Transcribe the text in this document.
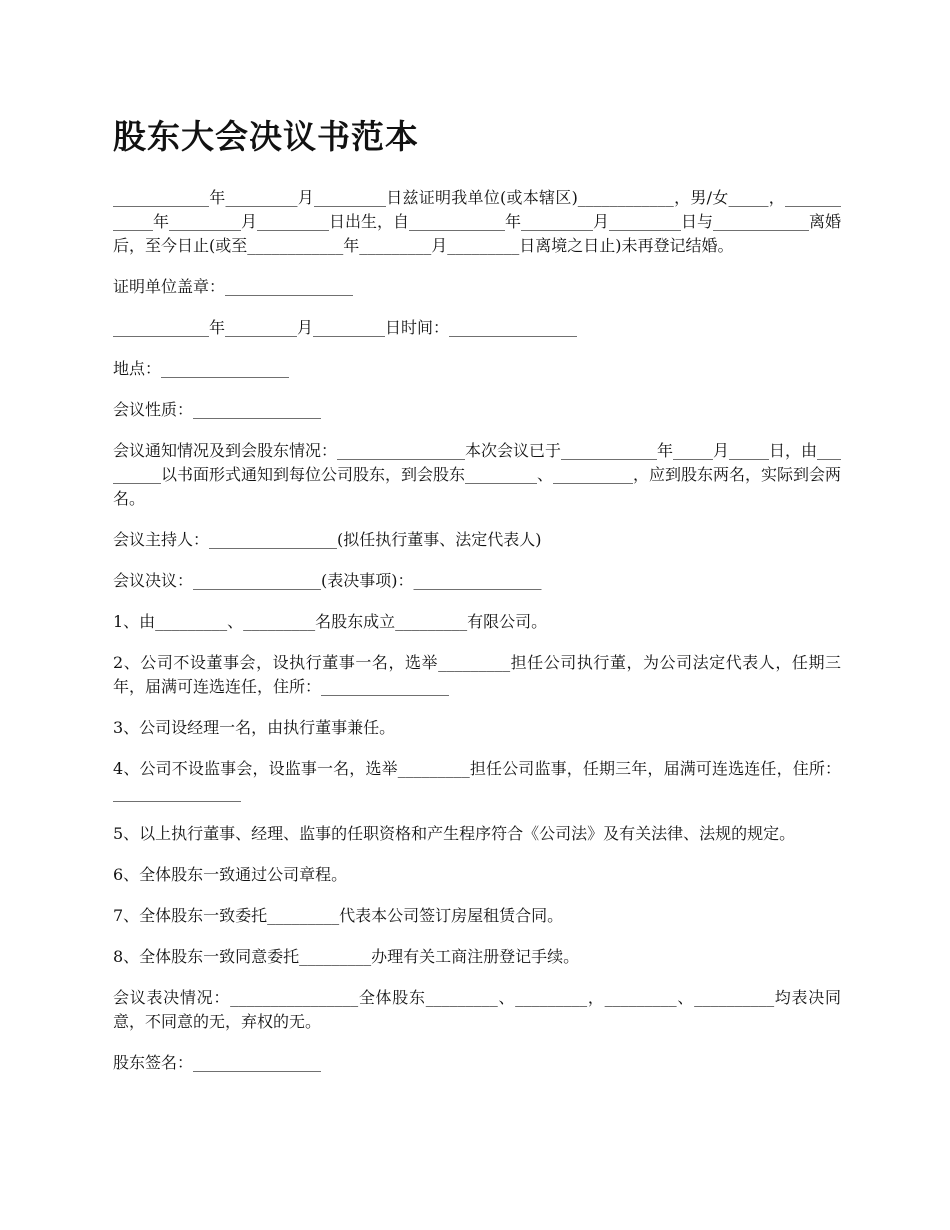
股东大会决议书范本

____________年_________月_________日兹证明我单位(或本辖区)____________，男/女_____，____________年_________月_________日出生，自____________年_________月_________日与____________离婚后，至今日止(或至____________年_________月_________日离境之日止)未再登记结婚。

证明单位盖章：________________

____________年_________月_________日时间：________________

地点：________________

会议性质：________________

会议通知情况及到会股东情况：________________本次会议已于____________年_____月_____日，由_________以书面形式通知到每位公司股东，到会股东_________、__________，应到股东两名，实际到会两名。

会议主持人：________________(拟任执行董事、法定代表人)

会议决议：________________(表决事项)：________________

1、由_________、_________名股东成立_________有限公司。

2、公司不设董事会，设执行董事一名，选举_________担任公司执行董，为公司法定代表人，任期三年，届满可连选连任，住所：________________

3、公司设经理一名，由执行董事兼任。

4、公司不设监事会，设监事一名，选举_________担任公司监事，任期三年，届满可连选连任，住所：________________

5、以上执行董事、经理、监事的任职资格和产生程序符合《公司法》及有关法律、法规的规定。

6、全体股东一致通过公司章程。

7、全体股东一致委托_________代表本公司签订房屋租赁合同。

8、全体股东一致同意委托_________办理有关工商注册登记手续。

会议表决情况：________________全体股东_________、_________，_________、__________均表决同意，不同意的无，弃权的无。

股东签名：________________
